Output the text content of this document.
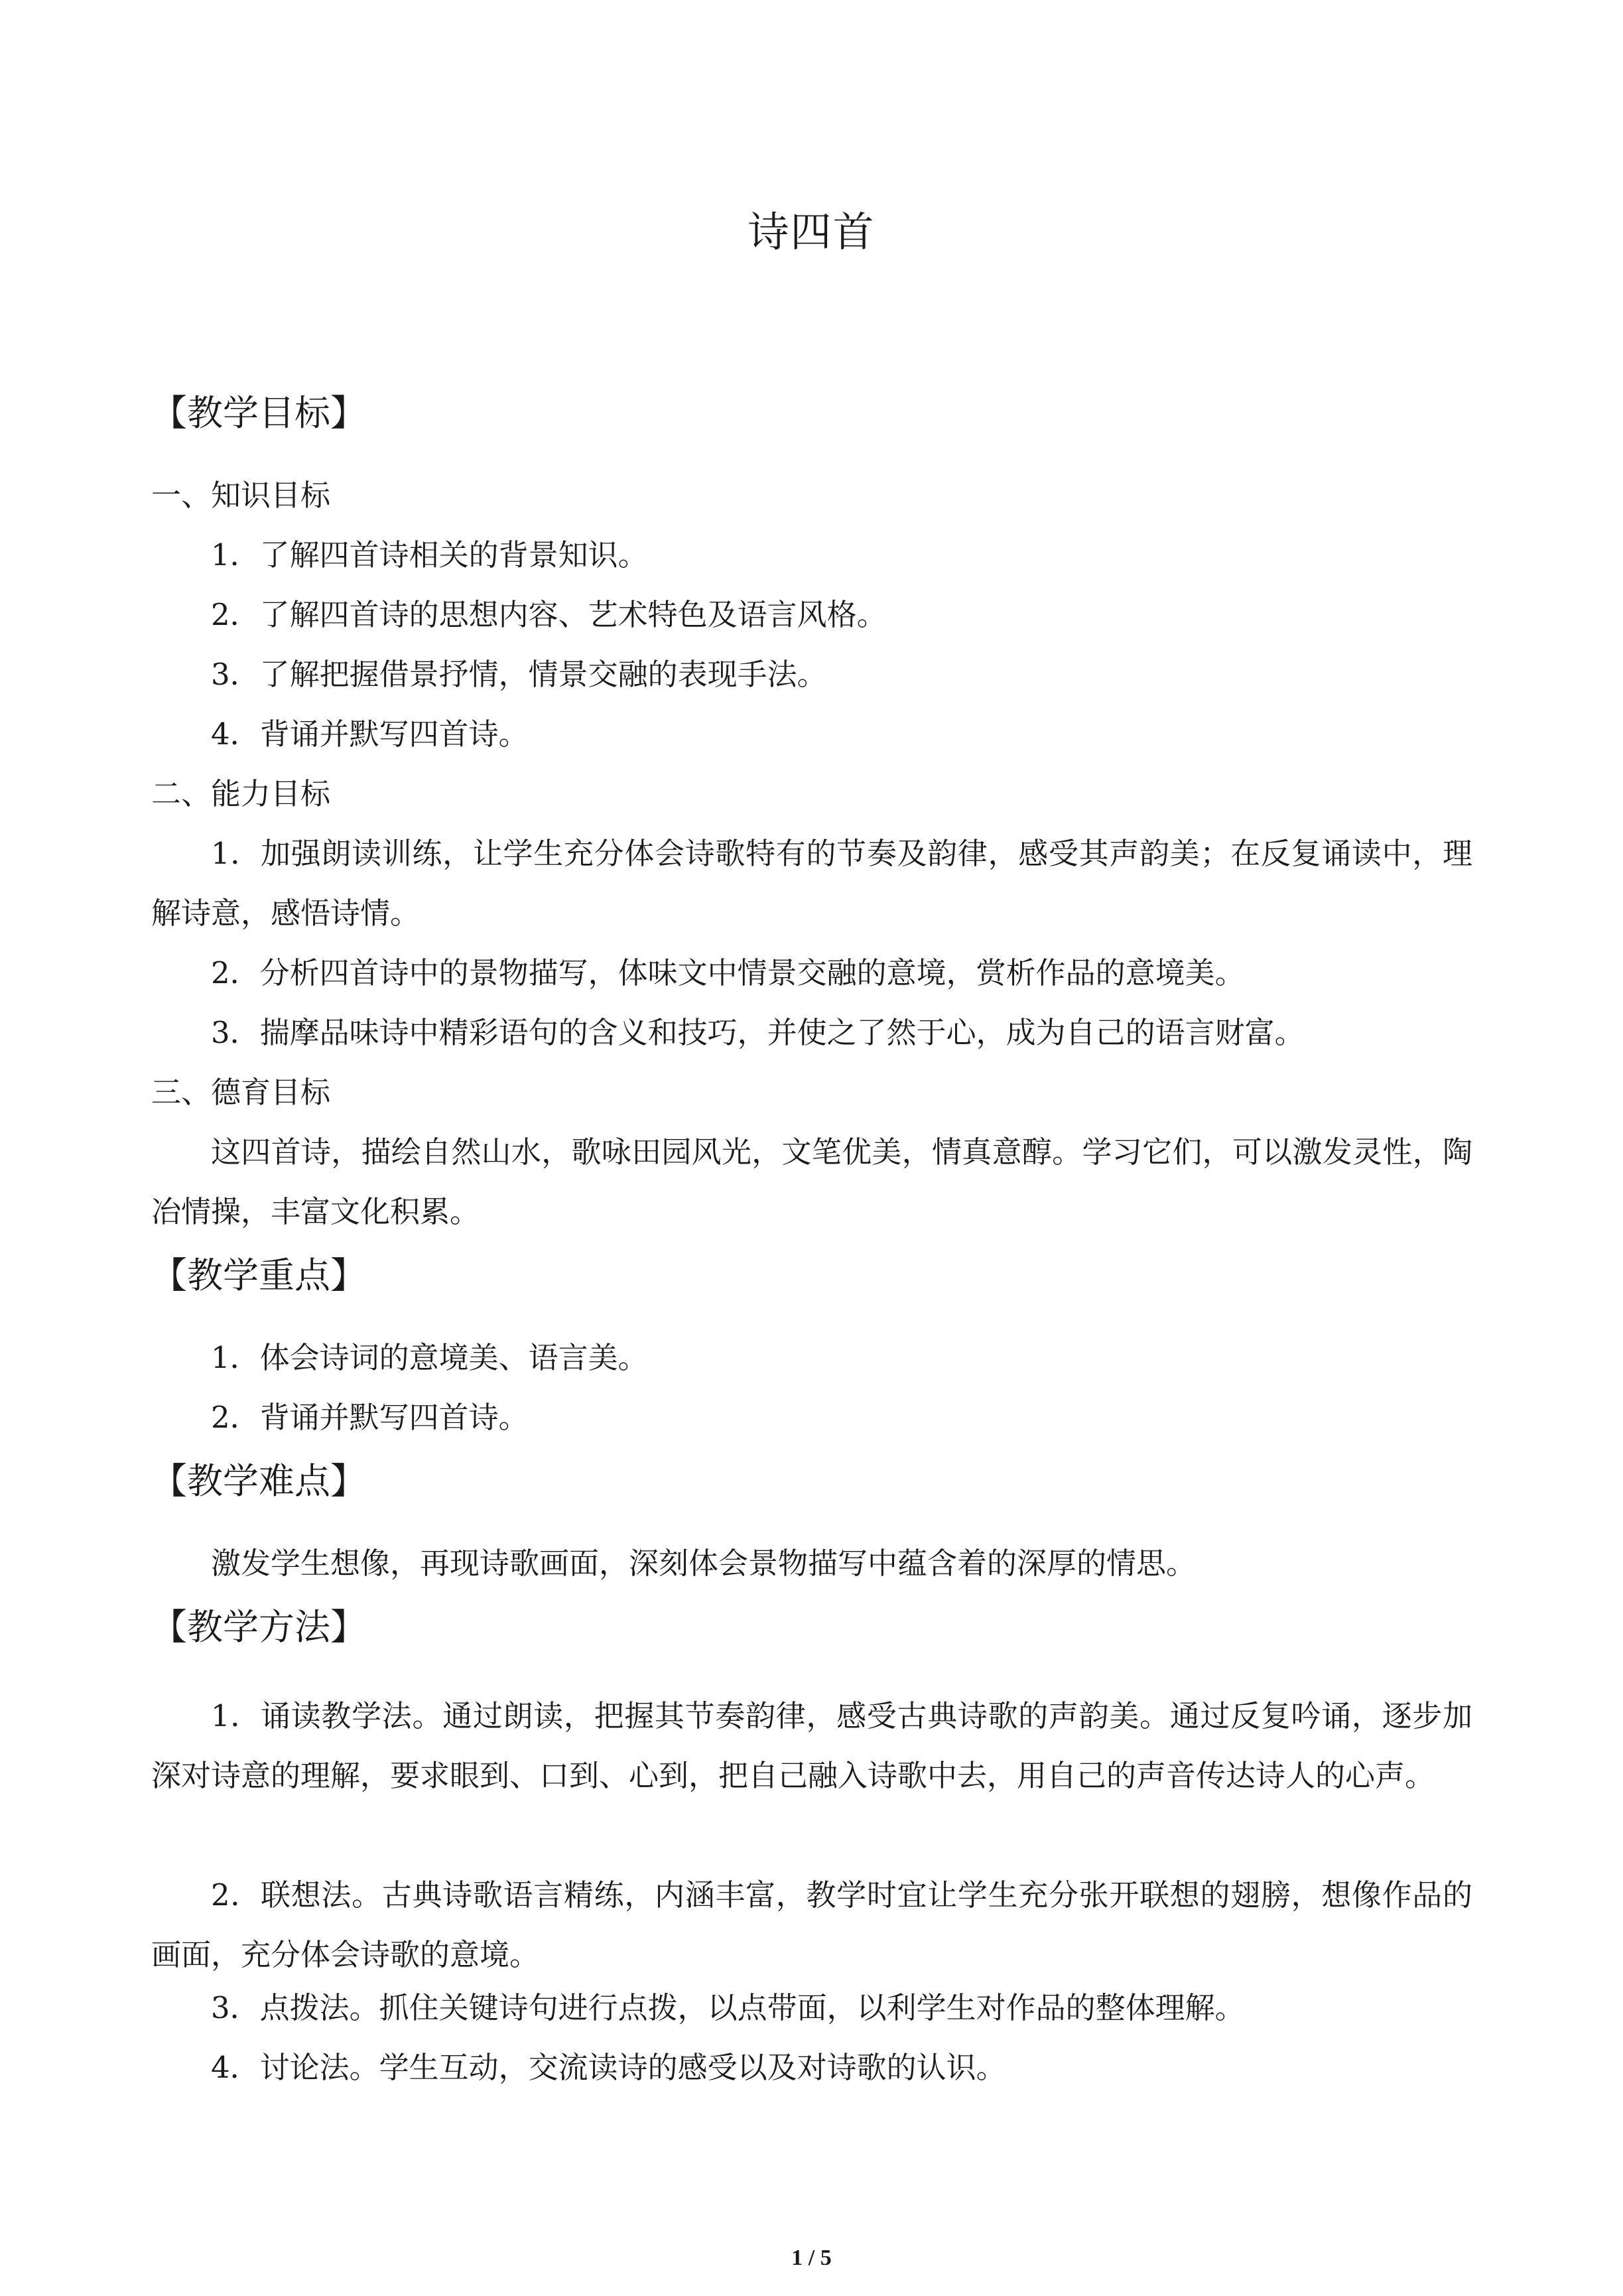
诗四首
【教学目标】
一、知识目标
1．了解四首诗相关的背景知识。
2．了解四首诗的思想内容、艺术特色及语言风格。
3．了解把握借景抒情，情景交融的表现手法。
4．背诵并默写四首诗。
二、能力目标
1．加强朗读训练，让学生充分体会诗歌特有的节奏及韵律，感受其声韵美；在反复诵读中，理解诗意，感悟诗情。
2．分析四首诗中的景物描写，体味文中情景交融的意境，赏析作品的意境美。
3．揣摩品味诗中精彩语句的含义和技巧，并使之了然于心，成为自己的语言财富。
三、德育目标
这四首诗，描绘自然山水，歌咏田园风光，文笔优美，情真意醇。学习它们，可以激发灵性，陶冶情操，丰富文化积累。
【教学重点】
1．体会诗词的意境美、语言美。
2．背诵并默写四首诗。
【教学难点】
激发学生想像，再现诗歌画面，深刻体会景物描写中蕴含着的深厚的情思。
【教学方法】
1．诵读教学法。通过朗读，把握其节奏韵律，感受古典诗歌的声韵美。通过反复吟诵，逐步加深对诗意的理解，要求眼到、口到、心到，把自己融入诗歌中去，用自己的声音传达诗人的心声。
2．联想法。古典诗歌语言精练，内涵丰富，教学时宜让学生充分张开联想的翅膀，想像作品的画面，充分体会诗歌的意境。
3．点拨法。抓住关键诗句进行点拨，以点带面，以利学生对作品的整体理解。
4．讨论法。学生互动，交流读诗的感受以及对诗歌的认识。
1 / 5
